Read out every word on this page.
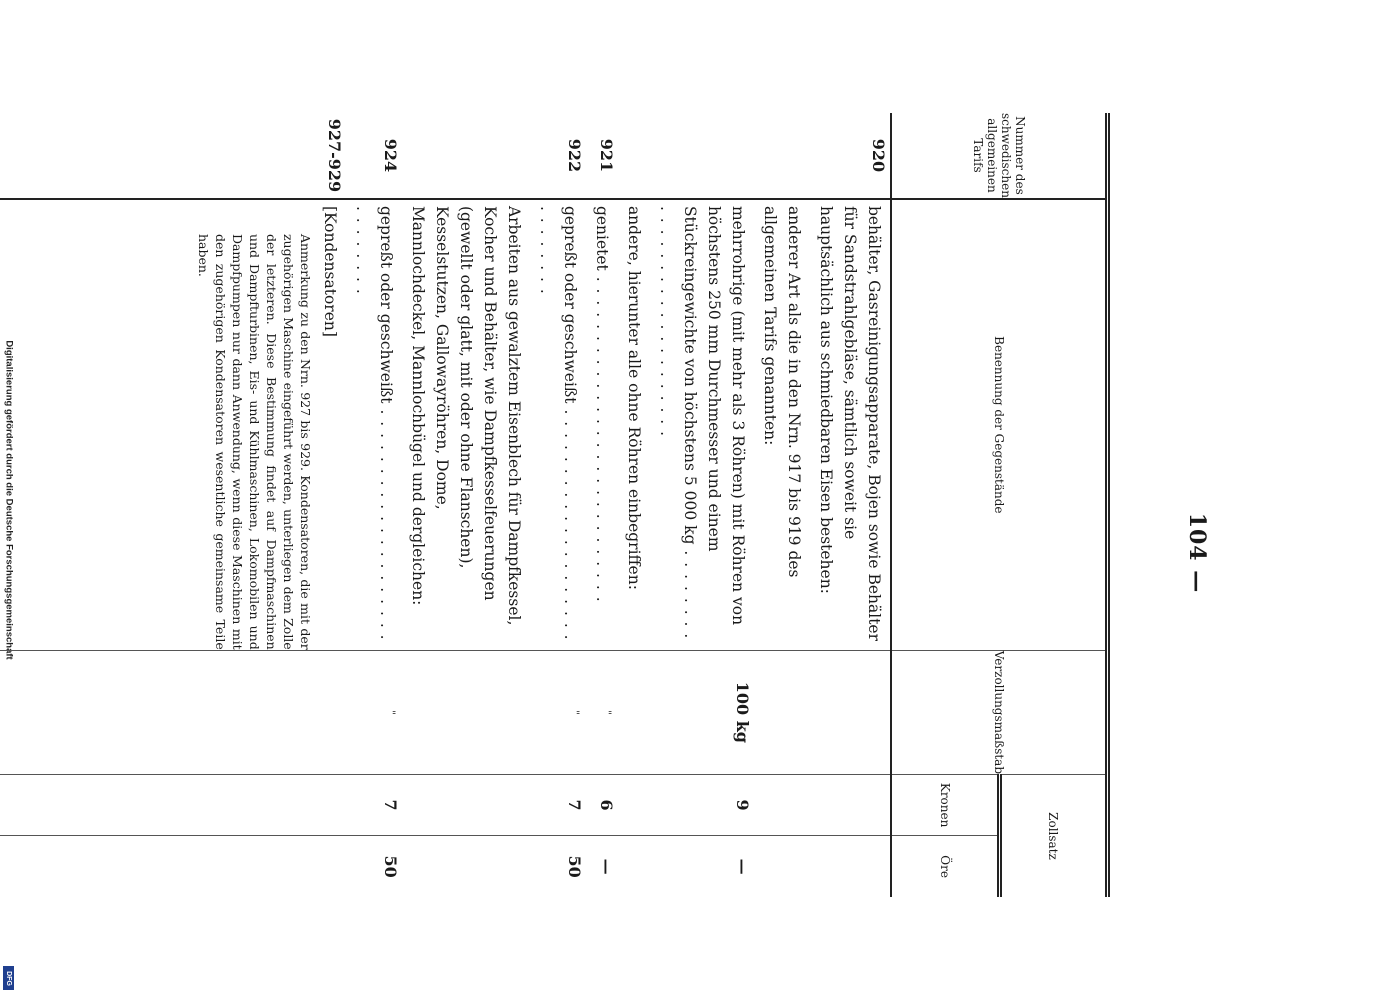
Digitalisierung gefördert durch die Deutsche Forschungsgemeinschaft
DFG
104 —
Nummer des schwedischen allgemeinen Tarifs	Benennung der Gegenstände	Verzollungsmaßstab	Zollsatz	
			Kronen	Öre

920	behälter, Gasreinigungsapparate, Bojen sowie Behälter für Sandstrahlgebläse, sämtlich soweit sie hauptsächlich aus schmiedbaren Eisen bestehen:	

	anderer Art als die in den Nrn. 917 bis 919 des allgemeinen Tarifs genannten:	

	mehrrohrige (mit mehr als 3 Röhren) mit Röhren von höchstens 250 mm Durchmesser und einem Stückreingewichte von höchstens 5 000 kg . . .	100 kg	9	—

	andere, hierunter alle ohne Röhren einbegriffen:	

921	genietet . . .	"	6	—

922	gepreßt oder geschweißt . . .	"	7	50

	Arbeiten aus gewalztem Eisenblech für Dampfkessel, Kocher und Behälter, wie Dampfkesselfeuerungen (gewellt oder glatt, mit oder ohne Flanschen), Kesselstutzen, Gallowayröhren, Dome, Mannlochdeckel, Mannlochbügel und dergleichen:	

924	gepreßt oder geschweißt . . .	"	7	50

927-929	[Kondensatoren]	

	Anmerkung zu den Nrn. 927 bis 929. Kondensatoren, die mit der zugehörigen Maschine eingeführt werden, unterliegen dem Zolle der letzteren. Diese Bestimmung findet auf Dampfmaschinen und Dampfturbinen, Eis- und Kühlmaschinen, Lokomobilen und Dampfpumpen nur dann Anwendung, wenn diese Maschinen mit den zugehörigen Kondensatoren wesentliche gemeinsame Teile haben.			
